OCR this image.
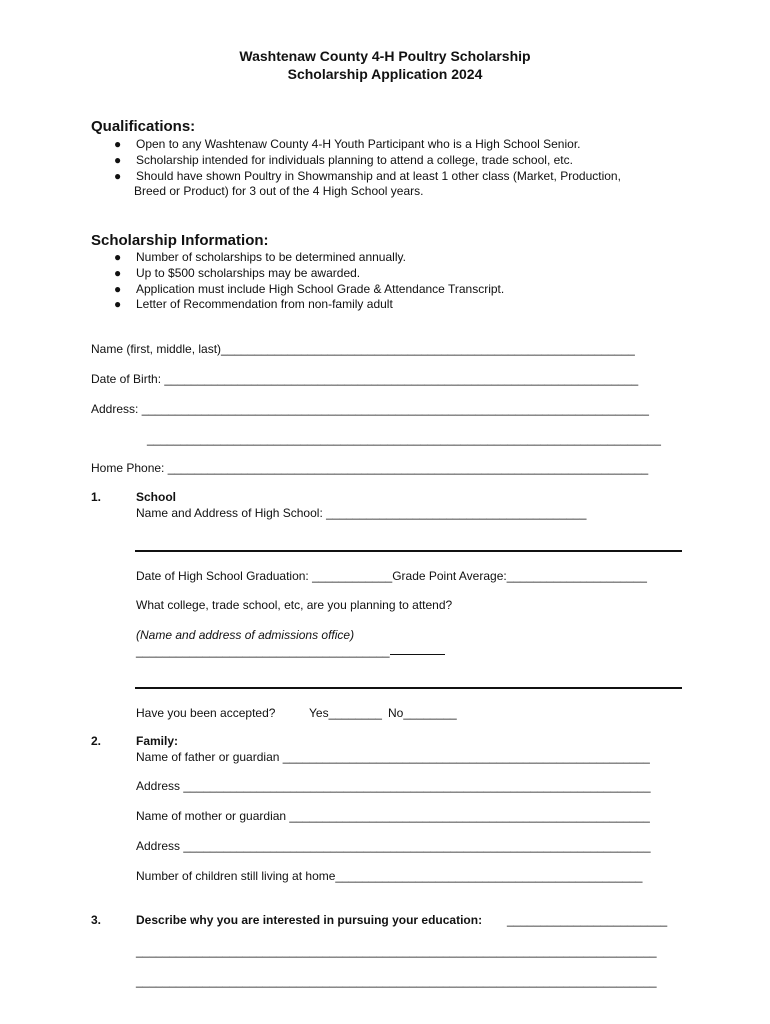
Washtenaw County 4-H Poultry Scholarship
Scholarship Application 2024
Qualifications:
● Open to any Washtenaw County 4-H Youth Participant who is a High School Senior.
● Scholarship intended for individuals planning to attend a college, trade school, etc.
● Should have shown Poultry in Showmanship and at least 1 other class (Market, Production,
Breed or Product) for 3 out of the 4 High School years.
Scholarship Information:
● Number of scholarships to be determined annually.
● Up to $500 scholarships may be awarded.
● Application must include High School Grade & Attendance Transcript.
● Letter of Recommendation from non-family adult
Name (first, middle, last)______________________________________________________________
Date of Birth: _______________________________________________________________________
Address: ____________________________________________________________________________
_____________________________________________________________________________
Home Phone: ________________________________________________________________________
1.	School
Name and Address of High School: _______________________________________
Date of High School Graduation: ____________Grade Point Average:_____________________
What college, trade school, etc, are you planning to attend?
(Name and address of admissions office)
______________________________________
Have you been accepted?	Yes________ No________
2.	Family:
Name of father or guardian _______________________________________________________
Address ______________________________________________________________________
Name of mother or guardian ______________________________________________________
Address ______________________________________________________________________
Number of children still living at home______________________________________________
3.	Describe why you are interested in pursuing your education: ________________________
______________________________________________________________________________
______________________________________________________________________________
